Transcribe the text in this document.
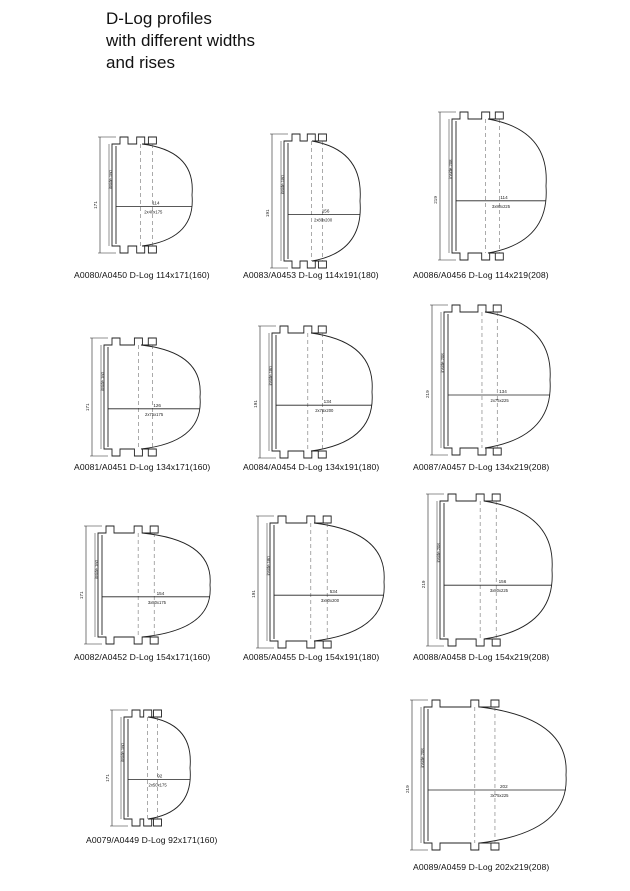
D-Log profiles
with different widths
and rises
171
inside 160
114
2x40x175
A0080/A0450 D-Log 114x171(160)
191
inside 180
156
2x80x200
A0083/A0453 D-Log 114x191(180)
219
inside 208
114
3x80x225
A0086/A0456 D-Log 114x219(208)
171
inside 160
126
2x75x175
A0081/A0451 D-Log 134x171(160)
191
inside 180
134
2x75x200
A0084/A0454 D-Log 134x191(180)
219
inside 208
134
2x75x225
A0087/A0457 D-Log 134x219(208)
171
inside 160
154
3x80x175
A0082/A0452 D-Log 154x171(160)
191
inside 180
534
3x80x200
A0085/A0455 D-Log 154x191(180)
219
inside 208
156
3x80x225
A0088/A0458 D-Log 154x219(208)
171
inside 160
92
2x50x175
A0079/A0449 D-Log 92x171(160)
219
inside 208
202
3x75x225
A0089/A0459 D-Log 202x219(208)
